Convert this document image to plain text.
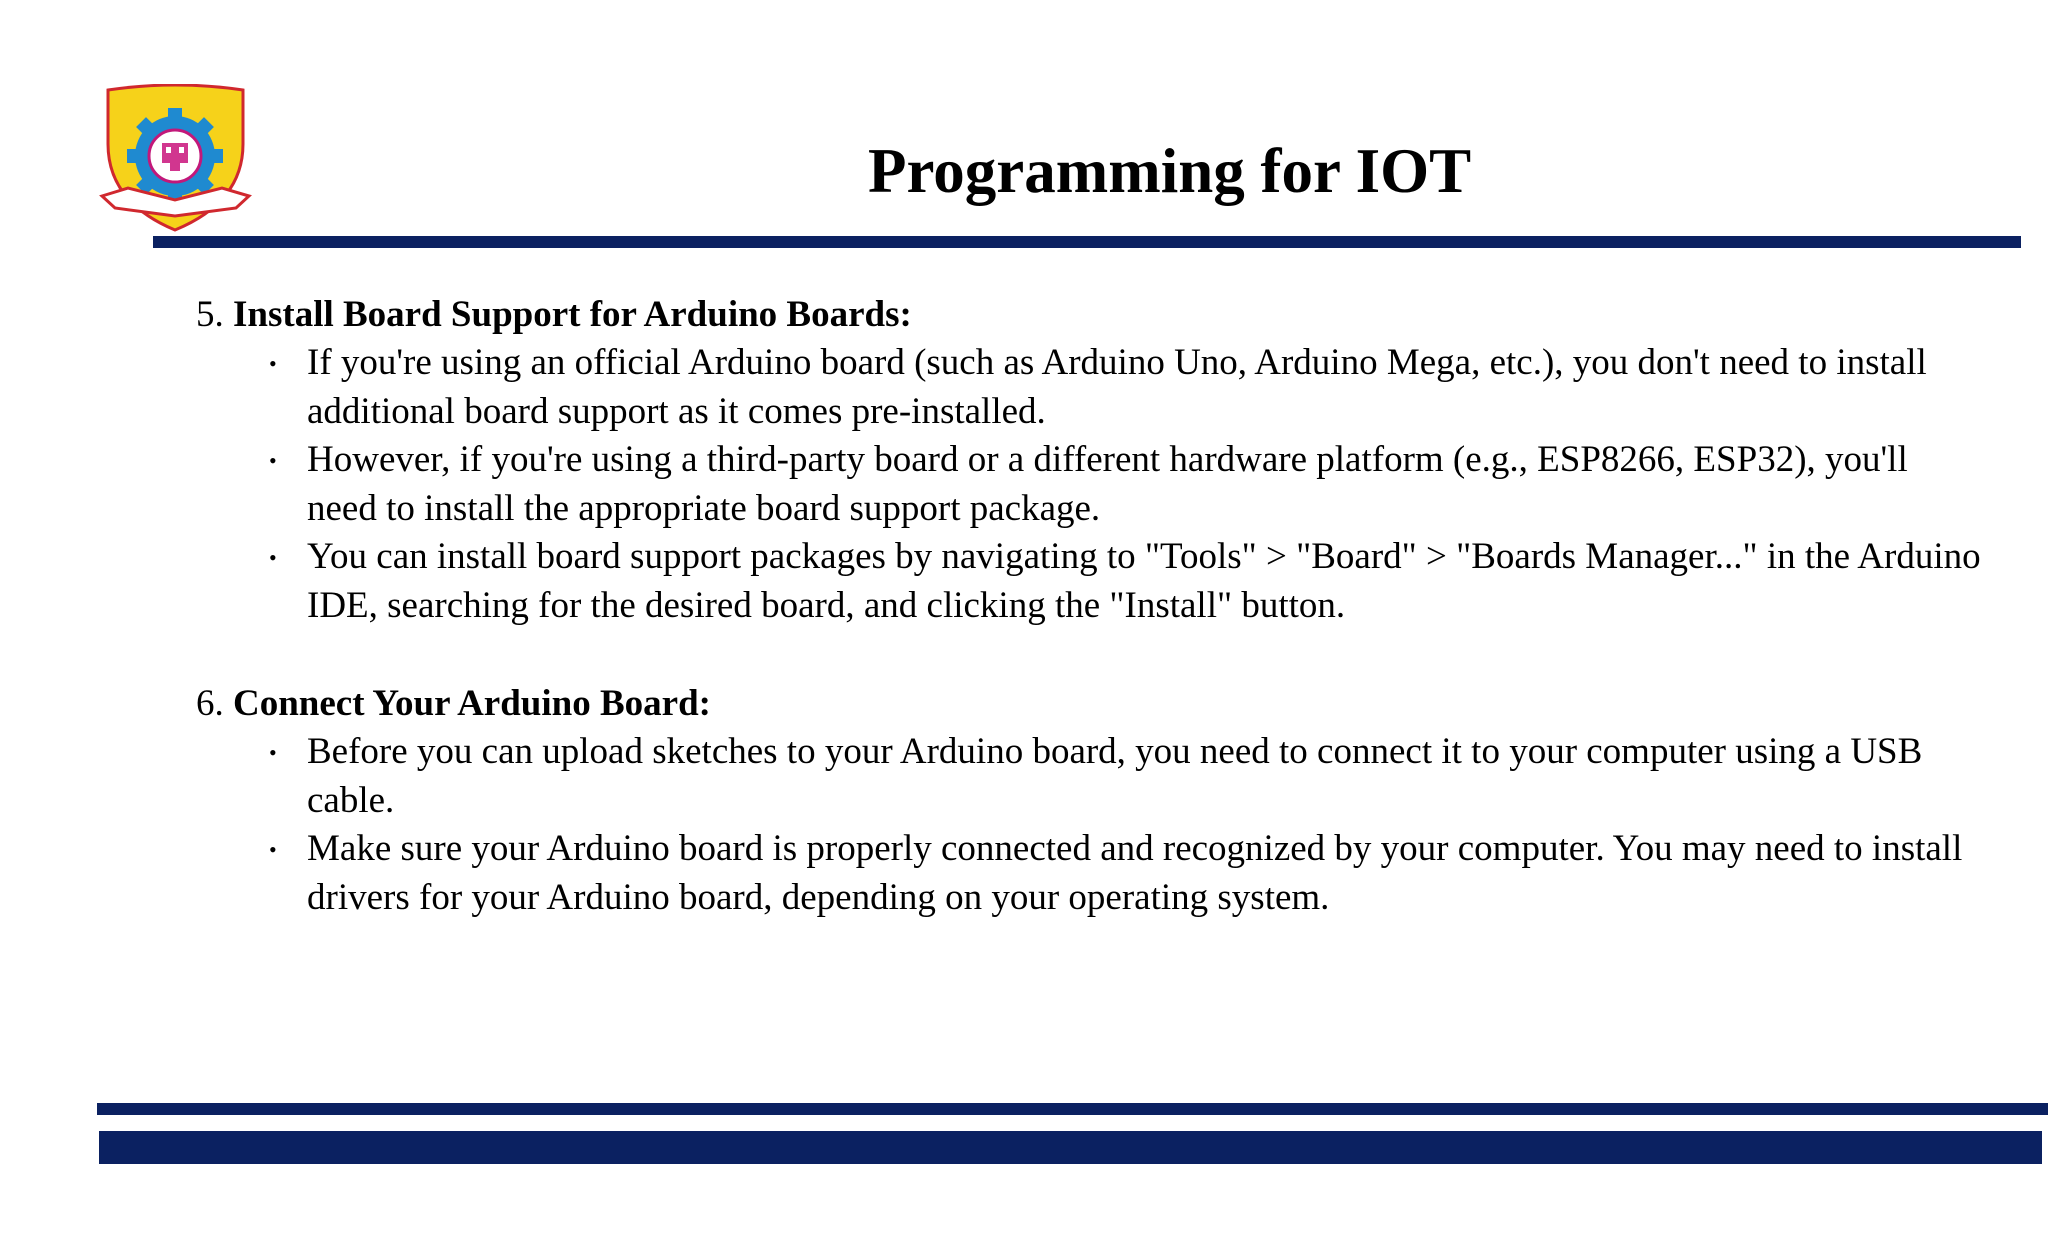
Programming for IOT
5. Install Board Support for Arduino Boards:
• If you're using an official Arduino board (such as Arduino Uno, Arduino Mega, etc.), you don't need to install additional board support as it comes pre-installed.
• However, if you're using a third-party board or a different hardware platform (e.g., ESP8266, ESP32), you'll need to install the appropriate board support package.
• You can install board support packages by navigating to "Tools" > "Board" > "Boards Manager..." in the Arduino IDE, searching for the desired board, and clicking the "Install" button.
6. Connect Your Arduino Board:
• Before you can upload sketches to your Arduino board, you need to connect it to your computer using a USB cable.
• Make sure your Arduino board is properly connected and recognized by your computer. You may need to install drivers for your Arduino board, depending on your operating system.
